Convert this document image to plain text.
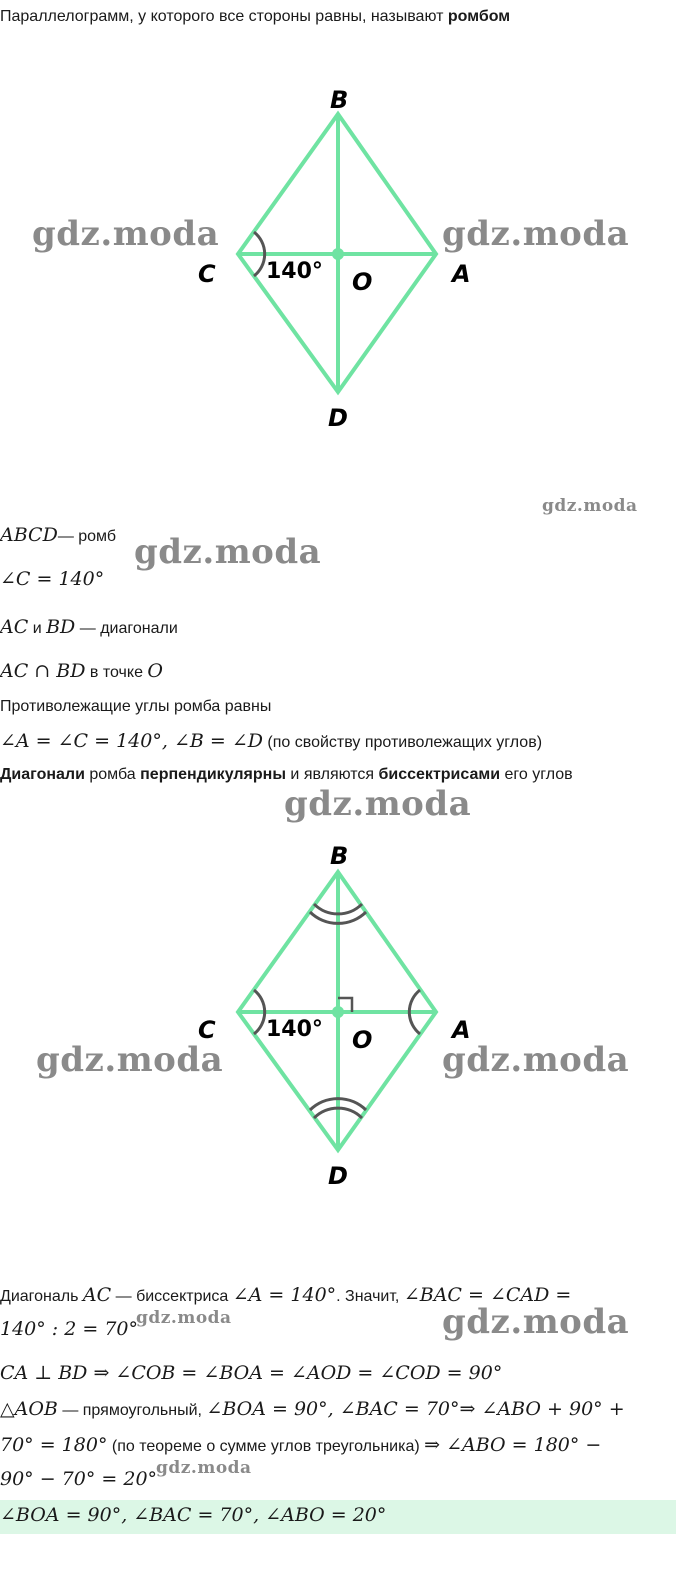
Параллелограмм, у которого все стороны равны, называют ромбом
B
C	O	A
D
140°
gdz.moda	gdz.moda
gdz.moda
ABCD— ромб gdz.moda
∠C = 140°
AC и BD — диагонали
AC ∩ BD в точке O
Противолежащие углы ромба равны
∠A = ∠C = 140°, ∠B = ∠D (по свойству противолежащих углов)
Диагонали ромба перпендикулярны и являются биссектрисами его углов
gdz.moda
B
C	O	A
D
140°
gdz.moda	gdz.moda
Диагональ AC — биссектриса ∠A = 140°. Значит, ∠BAC = ∠CAD =
140° : 2 = 70°
gdz.moda	gdz.moda
CA ⊥ BD ⇒ ∠COB = ∠BOA = ∠AOD = ∠COD = 90°
△AOB — прямоугольный, ∠BOA = 90°, ∠BAC = 70°⇒ ∠ABO + 90° +
70° = 180° (по теореме о сумме углов треугольника) ⇒ ∠ABO = 180° −
90° − 70° = 20°
gdz.moda
∠BOA = 90°, ∠BAC = 70°, ∠ABO = 20°
